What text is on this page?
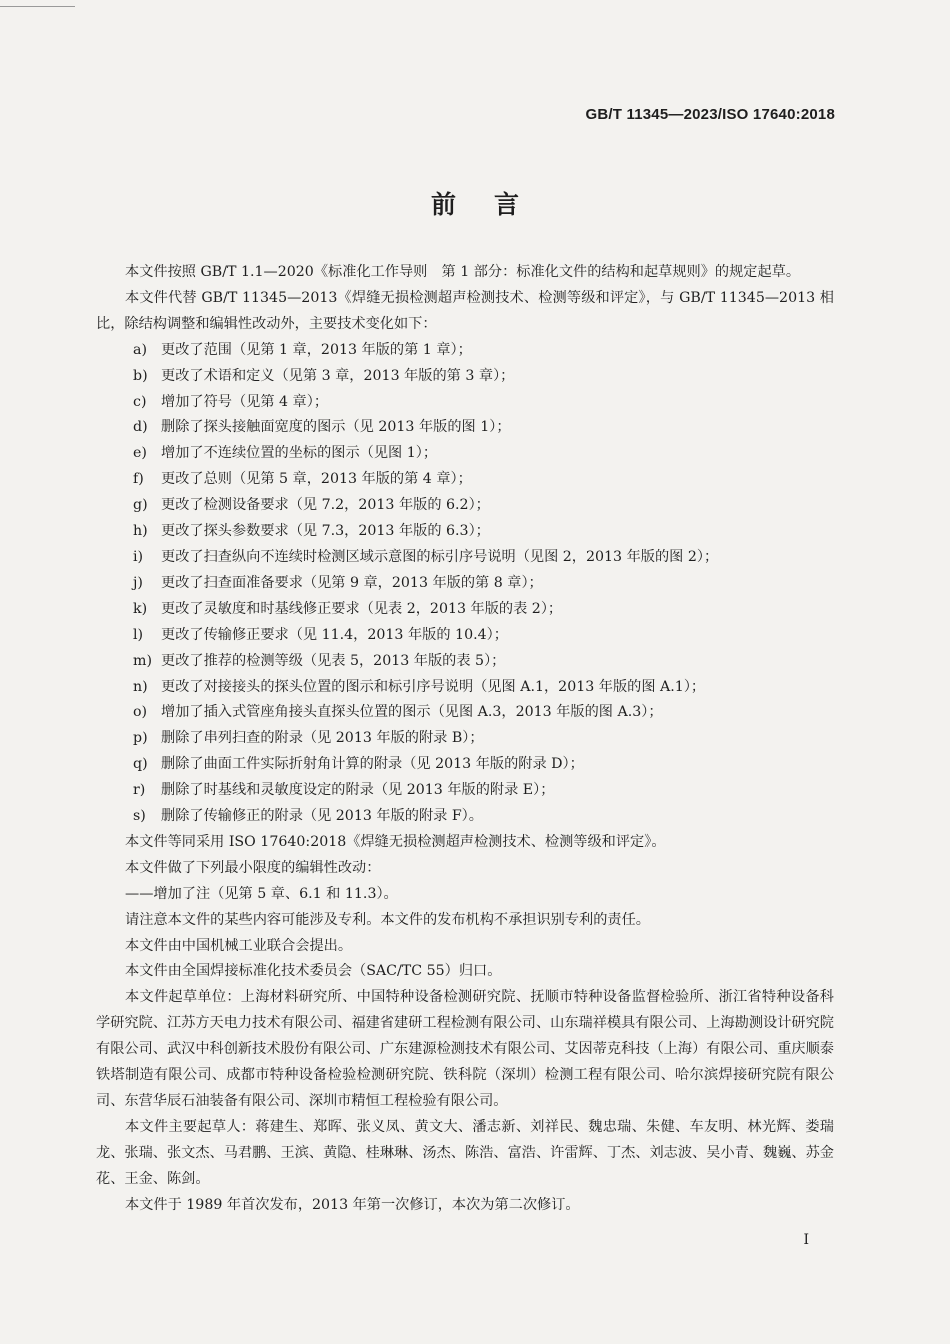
GB/T 11345—2023/ISO 17640:2018
前言

本文件按照 GB/T 1.1—2020《标准化工作导则　第 1 部分：标准化文件的结构和起草规则》的规定起草。

本文件代替 GB/T 11345—2013《焊缝无损检测超声检测技术、检测等级和评定》，与 GB/T 11345—2013 相比，除结构调整和编辑性改动外，主要技术变化如下：

a) 更改了范围（见第 1 章，2013 年版的第 1 章）；

b) 更改了术语和定义（见第 3 章，2013 年版的第 3 章）；

c) 增加了符号（见第 4 章）；

d) 删除了探头接触面宽度的图示（见 2013 年版的图 1）；

e) 增加了不连续位置的坐标的图示（见图 1）；

f) 更改了总则（见第 5 章，2013 年版的第 4 章）；

g) 更改了检测设备要求（见 7.2，2013 年版的 6.2）；

h) 更改了探头参数要求（见 7.3，2013 年版的 6.3）；

i) 更改了扫查纵向不连续时检测区域示意图的标引序号说明（见图 2，2013 年版的图 2）；

j) 更改了扫查面准备要求（见第 9 章，2013 年版的第 8 章）；

k) 更改了灵敏度和时基线修正要求（见表 2，2013 年版的表 2）；

l) 更改了传输修正要求（见 11.4，2013 年版的 10.4）；

m) 更改了推荐的检测等级（见表 5，2013 年版的表 5）；

n) 更改了对接接头的探头位置的图示和标引序号说明（见图 A.1，2013 年版的图 A.1）；

o) 增加了插入式管座角接头直探头位置的图示（见图 A.3，2013 年版的图 A.3）；

p) 删除了串列扫查的附录（见 2013 年版的附录 B）；

q) 删除了曲面工件实际折射角计算的附录（见 2013 年版的附录 D）；

r) 删除了时基线和灵敏度设定的附录（见 2013 年版的附录 E）；

s) 删除了传输修正的附录（见 2013 年版的附录 F）。

本文件等同采用 ISO 17640:2018《焊缝无损检测超声检测技术、检测等级和评定》。

本文件做了下列最小限度的编辑性改动：

——增加了注（见第 5 章、6.1 和 11.3）。

请注意本文件的某些内容可能涉及专利。本文件的发布机构不承担识别专利的责任。

本文件由中国机械工业联合会提出。

本文件由全国焊接标准化技术委员会（SAC/TC 55）归口。

本文件起草单位：上海材料研究所、中国特种设备检测研究院、抚顺市特种设备监督检验所、浙江省特种设备科学研究院、江苏方天电力技术有限公司、福建省建研工程检测有限公司、山东瑞祥模具有限公司、上海勘测设计研究院有限公司、武汉中科创新技术股份有限公司、广东建源检测技术有限公司、艾因蒂克科技（上海）有限公司、重庆顺泰铁塔制造有限公司、成都市特种设备检验检测研究院、铁科院（深圳）检测工程有限公司、哈尔滨焊接研究院有限公司、东营华辰石油装备有限公司、深圳市精恒工程检验有限公司。

本文件主要起草人：蒋建生、郑晖、张义凤、黄文大、潘志新、刘祥民、魏忠瑞、朱健、车友明、林光辉、娄瑞龙、张瑞、张文杰、马君鹏、王滨、黄隐、桂琳琳、汤杰、陈浩、富浩、许雷辉、丁杰、刘志波、吴小青、魏巍、苏金花、王金、陈剑。

本文件于 1989 年首次发布，2013 年第一次修订，本次为第二次修订。

I
